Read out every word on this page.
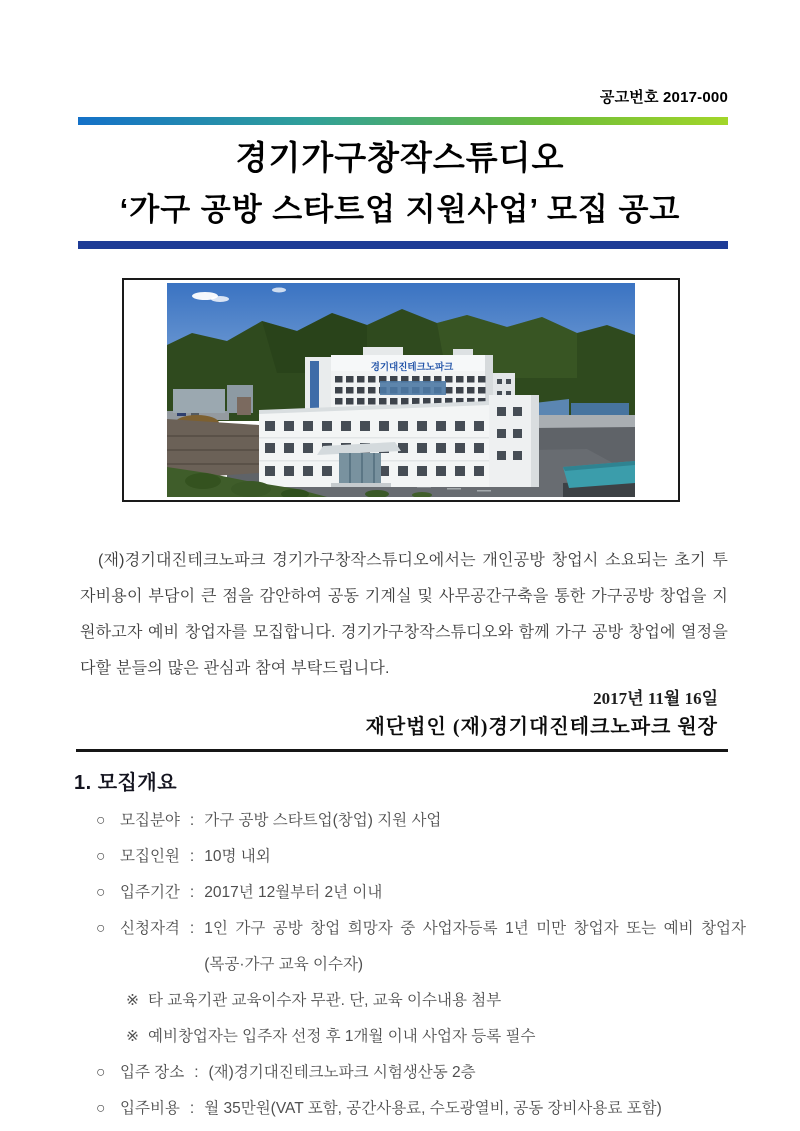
공고번호 2017-000
경기가구창작스튜디오
‘가구 공방 스타트업 지원사업’ 모집 공고
경기대진테크노파크
(재)경기대진테크노파크 경기가구창작스튜디오에서는 개인공방 창업시 소요되는 초기 투자비용이 부담이 큰 점을 감안하여 공동 기계실 및 사무공간구축을 통한 가구공방 창업을 지원하고자 예비 창업자를 모집합니다. 경기가구창작스튜디오와 함께 가구 공방 창업에 열정을 다할 분들의 많은 관심과 참여 부탁드립니다.
2017년 11월 16일
재단법인 (재)경기대진테크노파크 원장
1. 모집개요
○ 모집분야 : 가구 공방 스타트업(창업) 지원 사업
○ 모집인원 : 10명 내외
○ 입주기간 : 2017년 12월부터 2년 이내
○ 신청자격 : 1인 가구 공방 창업 희망자 중 사업자등록 1년 미만 창업자 또는 예비 창업자 (목공·가구 교육 이수자)
※ 타 교육기관 교육이수자 무관. 단, 교육 이수내용 첨부
※ 예비창업자는 입주자 선정 후 1개월 이내 사업자 등록 필수
○ 입주 장소 : (재)경기대진테크노파크 시험생산동 2층
○ 입주비용 : 월 35만원(VAT 포함, 공간사용료, 수도광열비, 공동 장비사용료 포함)
